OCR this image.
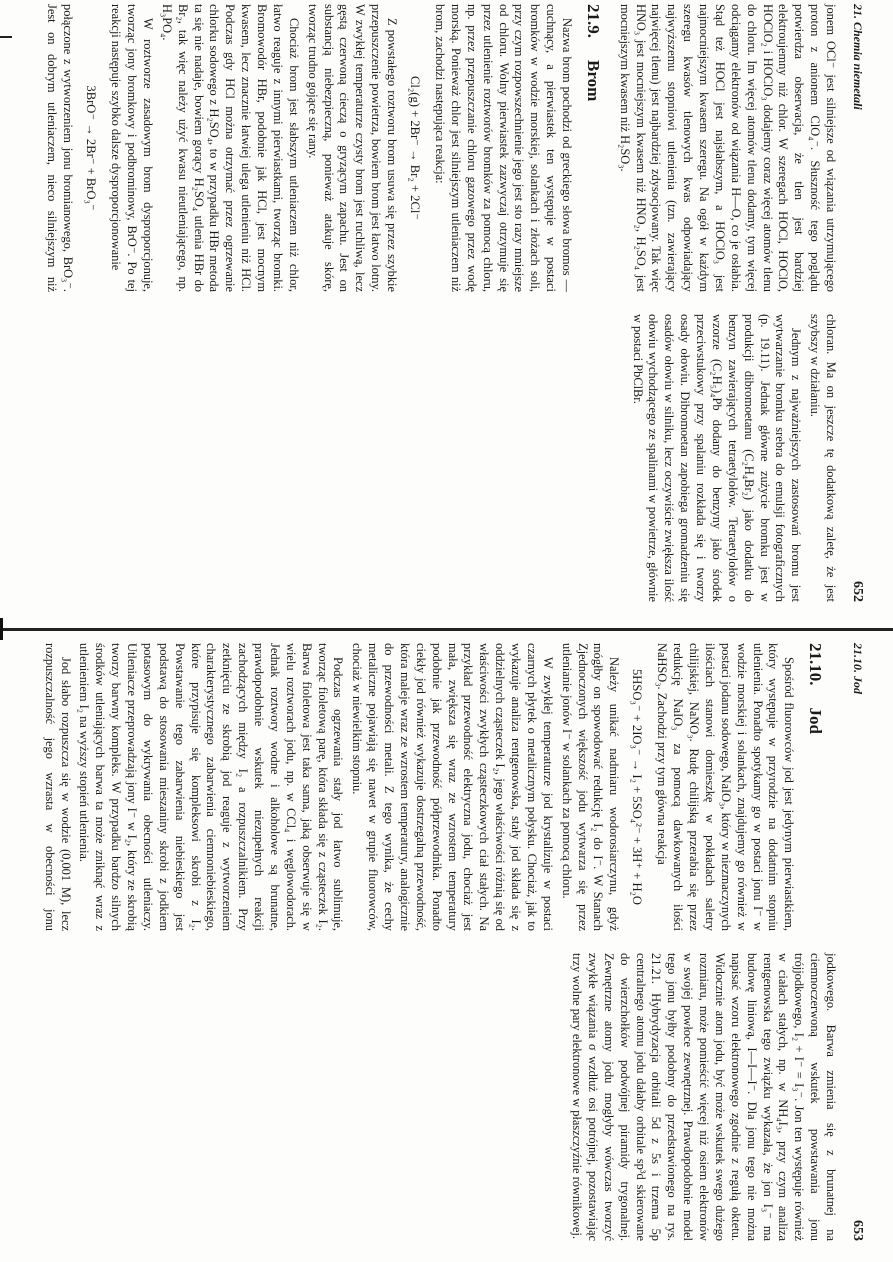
21. Chemia niemetali
652

jonem OCl⁻ jest silniejsze od wiązania utrzymującego proton z anionem ClO₄⁻. Słuszność tego poglądu potwierdza obserwacja, że tlen jest bardziej elektroujemny niż chlor. W szeregach HOCl, HOClO, HOClO₂ i HOClO₃ dodajemy coraz więcej atomów tlenu do chloru. Im więcej atomów tlenu dodamy, tym więcej odciągamy elektronów od wiązania H—O, co je osłabia. Stąd też HOCl jest najsłabszym, a HOClO₃ jest najmocniejszym kwasem szeregu. Na ogół w każdym szeregu kwasów tlenowych kwas odpowiadający najwyższemu stopniowi utlenienia (tzn. zawierający najwięcej tlenu) jest najbardziej zdysocjowany. Tak więc HNO₃ jest mocniejszym kwasem niż HNO₂, H₂SO₄ jest mocniejszym kwasem niż H₂SO₃.

21.9.
Brom

Nazwa brom pochodzi od greckiego słowa bromos — cuchnący, a pierwiastek ten występuje w postaci bromków w wodzie morskiej, solankach i złożach soli, przy czym rozpowszechnienie jego jest sto razy mniejsze od chloru. Wolny pierwiastek zazwyczaj otrzymuje się przez utlenienie roztworów bromków za pomocą chloru, np. przez przepuszczanie chloru gazowego przez wodę morską. Ponieważ chlor jest silniejszym utleniaczem niż brom, zachodzi następująca reakcja:

Cl₂(g) + 2Br⁻ → Br₂ + 2Cl⁻

Z powstałego roztworu brom usuwa się przez szybkie przepuszczenie powietrza, bowiem brom jest łatwo lotny. W zwykłej temperaturze czysty brom jest ruchliwą, lecz gęstą czerwoną cieczą o gryzącym zapachu. Jest on substancją niebezpieczną, ponieważ atakuje skórę, tworząc trudno gojące się rany.

Chociaż brom jest słabszym utleniaczem niż chlor, łatwo reaguje z innymi pierwiastkami, tworząc bromki. Bromowodór HBr, podobnie jak HCl, jest mocnym kwasem, lecz znacznie łatwiej ulega utlenieniu niż HCl. Podczas gdy HCl można otrzymać przez ogrzewanie chlorku sodowego z H₂SO₄, to w przypadku HBr metoda ta się nie nadaje, bowiem gorący H₂SO₄ utlenia HBr do Br₂, tak więc należy użyć kwasu nieutleniającego, np. H₃PO₄.

W roztworze zasadowym brom dysproporcjonuje, tworząc jony bromkowy i podbrominowy, BrO⁻. Po tej reakcji następuje szybko dalsze dysproporcjonowanie

3BrO⁻ → 2Br⁻ + BrO₃⁻

połączone z wytworzeniem jonu bromianowego, BrO₃⁻. Jest on dobrym utleniaczem, nieco silniejszym niż chloran. Ma on jeszcze tę dodatkową zaletę, że jest szybszy w działaniu.

Jednym z najważniejszych zastosowań bromu jest wytwarzanie bromku srebra do emulsji fotograficznych (p. 19.11). Jednak główne zużycie bromku jest w produkcji dibromoetanu (C₂H₄Br₂) jako dodatku do benzyn zawierających tetraetylołów. Tetraetylołów o wzorze (C₂H₅)₄Pb dodany do benzyny jako środek przeciwstukowy przy spalaniu rozkłada się i tworzy osady ołowiu. Dibromoetan zapobiega gromadzeniu się osadów ołowiu w silniku, lecz oczywiście zwiększa ilość ołowiu wychodzącego ze spalinami w powietrze, głównie w postaci PbClBr.

21.10. Jod
653
21.10.
Jod

Spośród fluorowców jod jest jedynym pierwiastkiem, który występuje w przyrodzie na dodatnim stopniu utlenienia. Ponadto spotykamy go w postaci jonu I⁻ w wodzie morskiej i solankach, znajdujemy go również w postaci jodanu sodowego, NaIO₃, który w niezmaczynych ilościach stanowi domieszkę w pokładach saletry chilijskiej, NaNO₃. Rudę chilijską przerabia się przez redukcję NaIO₃ za pomocą dawkowanych ilości NaHSO₃. Zachodzi przy tym główna reakcja

5HSO₃⁻ + 2IO₃⁻ → I₂ + 5SO₄²⁻ + 3H⁺ + H₂O

Należy unikać nadmiaru wodorosiarczynu, gdyż mógłby on spowodować redukcję I₂ do I⁻. W Stanach Zjednoczonych większość jodu wytwarza się przez utlenianie jonów I⁻ w solankach za pomocą chloru.

W zwykłej temperaturze jod krystalizuje w postaci czarnych płytek o metalicznym połysku. Chociaż, jak to wykazuje analiza rentgenowska, stały jod składa się z oddzielnych cząsteczek I₂, jego właściwości różnią się od właściwości zwykłych cząsteczkowych ciał stałych. Na przykład przewodność elektryczna jodu, chociaż jest mała, zwiększa się wraz ze wzrostem temperatury podobnie jak przewodność półprzewodnika. Ponadto ciekły jod również wykazuje dostrzegalną przewodność, która maleje wraz ze wzrostem temperatury, analogicznie do przewodności metali. Z tego wynika, że cechy metaliczne pojawiają się nawet w grupie fluorowców, chociaż w niewielkim stopniu.

Podczas ogrzewania stały jod łatwo sublimuje, tworząc fioletową parę, która składa się z cząsteczek I₂. Barwa fioletowa jest taka sama, jaką obserwuje się w wielu roztworach jodu, np. w CCl₄ i węglowodorach. Jednak roztwory wodne i alkoholowe są brunatne, prawdopodobnie wskutek niezupełnych reakcji zachodzących między I₂ a rozpuszczalnikiem. Przy zetknięciu ze skrobią jod reaguje z wytworzeniem charakterystycznego zabarwienia ciemnoniebieskiego, które przypisuje się kompleksowi skrobi z I₂. Powstawanie tego zabarwienia niebieskiego jest podstawą do stosowania mieszaniny skrobi z jodkiem potasowym do wykrywania obecności utleniaczy. Utleniacze przeprowadzają jony I⁻ w I₂, który ze skrobią tworzy barwny kompleks. W przypadku bardzo silnych środków utleniających barwa ta może zniknąć wraz z utlenieniem I₂ na wyższy stopień utlenienia.

Jod słabo rozpuszcza się w wodzie (0,001 M), lecz rozpuszczalność jego wzrasta w obecności jonu jodkowego. Barwa zmienia się z brunatnej na ciemnoczerwoną wskutek powstawania jonu trójjodkowego, I₂ + I⁻ = I₃⁻. Jon ten występuje również w ciałach stałych, np. w NH₄I₃, przy czym analiza rentgenowska tego związku wykazała, że jon I₃⁻ ma budowę liniową, I—I—I⁻. Dla jonu tego nie można napisać wzoru elektronowego zgodnie z regułą oktetu. Widocznie atom jodu, być może wskutek swego dużego rozmiaru, może pomieścić więcej niż osiem elektronów w swojej powłoce zewnętrznej. Prawdopodobnie model tego jonu byłby podobny do przedstawionego na rys. 21.21. Hybrydyzacja orbitali 5d z 5s i trzema 5p centralnego atomu jodu dałaby orbitale sp³d skierowane do wierzchołków podwójnej piramidy trygonalnej. Zewnętrzne atomy jodu mogłyby wówczas tworzyć zwykłe wiązania σ wzdłuż osi potrójnej, pozostawiając trzy wolne pary elektronowe w płaszczyźnie równikowej.
